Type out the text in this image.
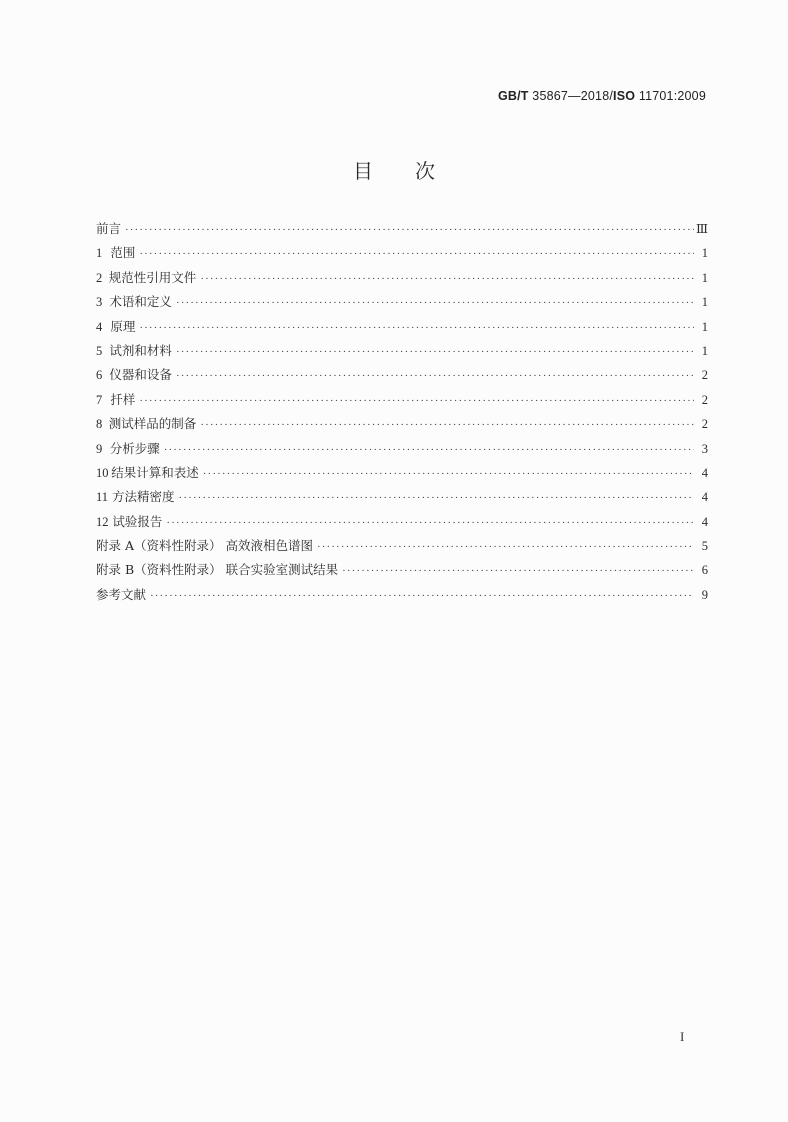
GB/T 35867—2018/ISO 11701:2009
目 次
前言 ·····	Ⅲ
1 范围 ·····	1
2 规范性引用文件 ·····	1
3 术语和定义 ·····	1
4 原理 ·····	1
5 试剂和材料 ·····	1
6 仪器和设备 ·····	2
7 扦样 ·····	2
8 测试样品的制备 ·····	2
9 分析步骤 ·····	3
10 结果计算和表述 ·····	4
11 方法精密度 ·····	4
12 试验报告 ·····	4
附录 A（资料性附录） 高效液相色谱图 ·····	5
附录 B（资料性附录） 联合实验室测试结果 ·····	6
参考文献 ·····	9
I
